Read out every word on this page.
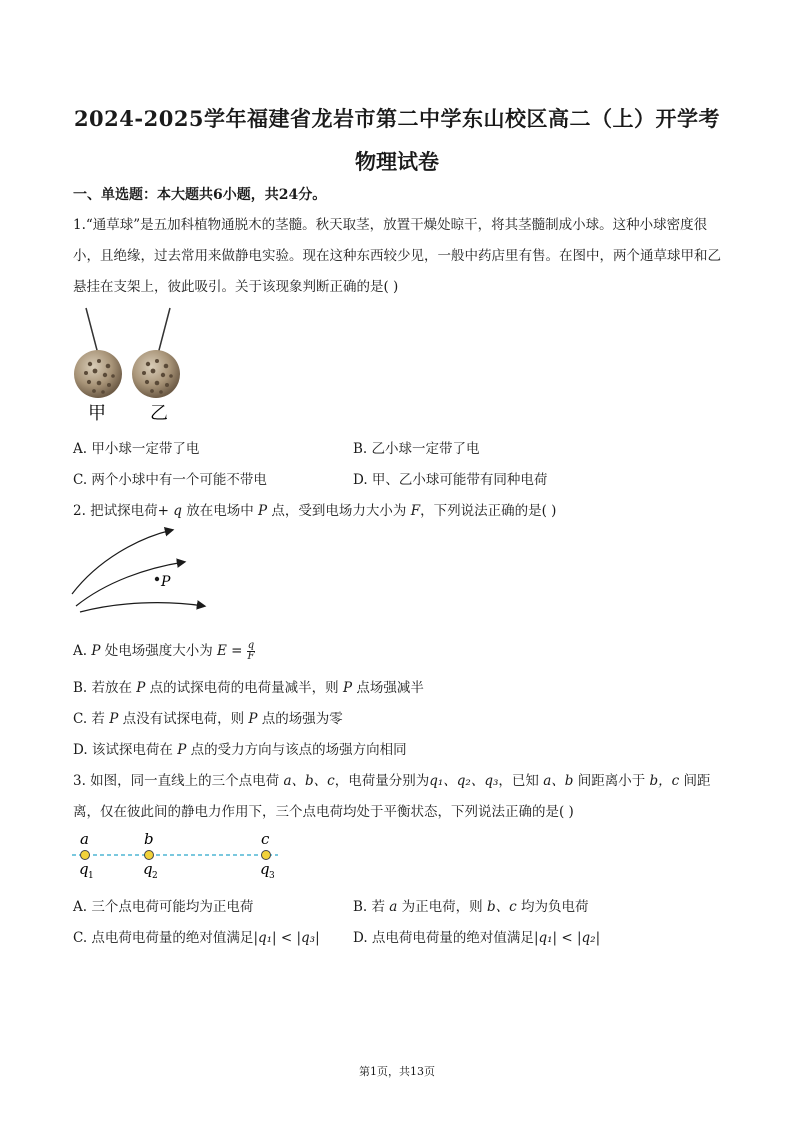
2024-2025学年福建省龙岩市第二中学东山校区高二（上）开学考
物理试卷
一、单选题：本大题共6小题，共24分。
1.“通草球”是五加科植物通脱木的茎髓。秋天取茎，放置干燥处晾干，将其茎髓制成小球。这种小球密度很小，且绝缘，过去常用来做静电实验。现在这种东西较少见，一般中药店里有售。在图中，两个通草球甲和乙悬挂在支架上，彼此吸引。关于该现象判断正确的是( )
甲 乙
A. 甲小球一定带了电	B. 乙小球一定带了电
C. 两个小球中有一个可能不带电	D. 甲、乙小球可能带有同种电荷
2. 把试探电荷+ q 放在电场中 P 点，受到电场力大小为 F，下列说法正确的是( )
P
A. P 处电场强度大小为 $E = \frac{q}{F}$
B. 若放在 P 点的试探电荷的电荷量减半，则 P 点场强减半
C. 若 P 点没有试探电荷，则 P 点的场强为零
D. 该试探电荷在 P 点的受力方向与该点的场强方向相同
3. 如图，同一直线上的三个点电荷 a、b、c，电荷量分别为q₁、q₂、q₃，已知 a、b 间距离小于 b，c 间距
离，仅在彼此间的静电力作用下，三个点电荷均处于平衡状态，下列说法正确的是( )
a	b	c
q 1	q 2	q 3
A. 三个点电荷可能均为正电荷	B. 若 a 为正电荷，则 b、c 均为负电荷
C. 点电荷电荷量的绝对值满足|q₁| < |q₃| D. 点电荷电荷量的绝对值满足|q₁| < |q₂|
第1页，共13页
